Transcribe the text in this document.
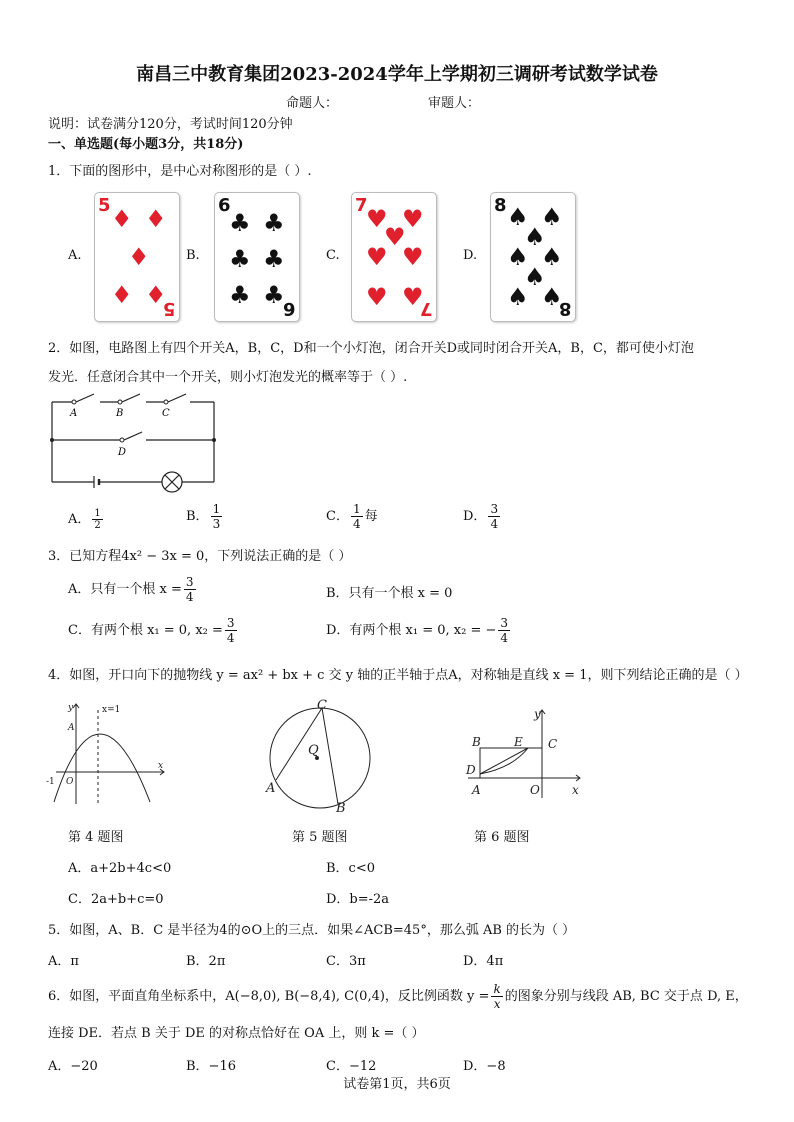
南昌三中教育集团2023-2024学年上学期初三调研考试数学试卷
命题人：	审题人：
说明：试卷满分120分，考试时间120分钟
一、单选题(每小题3分，共18分)
1．下面的图形中，是中心对称图形的是（ ）.
A.	B.	C.	D.
5 ♦ ♦
♦
♦ ♦
5
6
♣ ♣
♣ ♣
♣ ♣
6
7
♥ ♥
♥
♥ ♥
♥ ♥
7
8 ♠ ♠
♠
♠ ♠
♠
♠ ♠
8
2．如图，电路图上有四个开关A，B，C，D和一个小灯泡，闭合开关D或同时闭合开关A，B，C，都可使小灯泡
发光．任意闭合其中一个开关，则小灯泡发光的概率等于（ ）.
A	B	C
D
A． $\frac{1}{2}$	B． $\frac{1}{3}$	C． $\frac{1}{4}$ 每	D． $\frac{3}{4}$
3．已知方程4x² − 3x = 0，下列说法正确的是（ ）
A．只有一个根 $x = \frac{3}{4}$	B．只有一个根 x = 0
C．有两个根 x₁ = 0, $x_2 = \frac{3}{4}$	D．有两个根 x₁ = 0, x₂ = − $\frac{3}{4}$
4．如图，开口向下的抛物线 y = ax² + bx + c 交 y 轴的正半轴于点A，对称轴是直线 x = 1，则下列结论正确的是（ ）
y
x
O
A
-1
x=1	C
Q
A
B
B	E C
D
A	O	x
y
第 4 题图	第 5 题图	第 6 题图
A．a+2b+4c<0	B．c<0
C．2a+b+c=0	D．b=-2a
5．如图，A、B．C 是半径为4的⊙O上的三点．如果∠ACB=45°，那么弧 AB 的长为（ ）
A．π	B．2π	C．3π	D．4π
6．如图，平面直角坐标系中，A(−8,0), B(−8,4), C(0,4)，反比例函数 $y = \frac{k}{x}$ 的图象分别与线段 AB, BC 交于点 D, E，
连接 DE．若点 B 关于 DE 的对称点恰好在 OA 上，则 k =（ ）
A．−20	B．−16	C．−12	D．−8
试卷第1页，共6页
